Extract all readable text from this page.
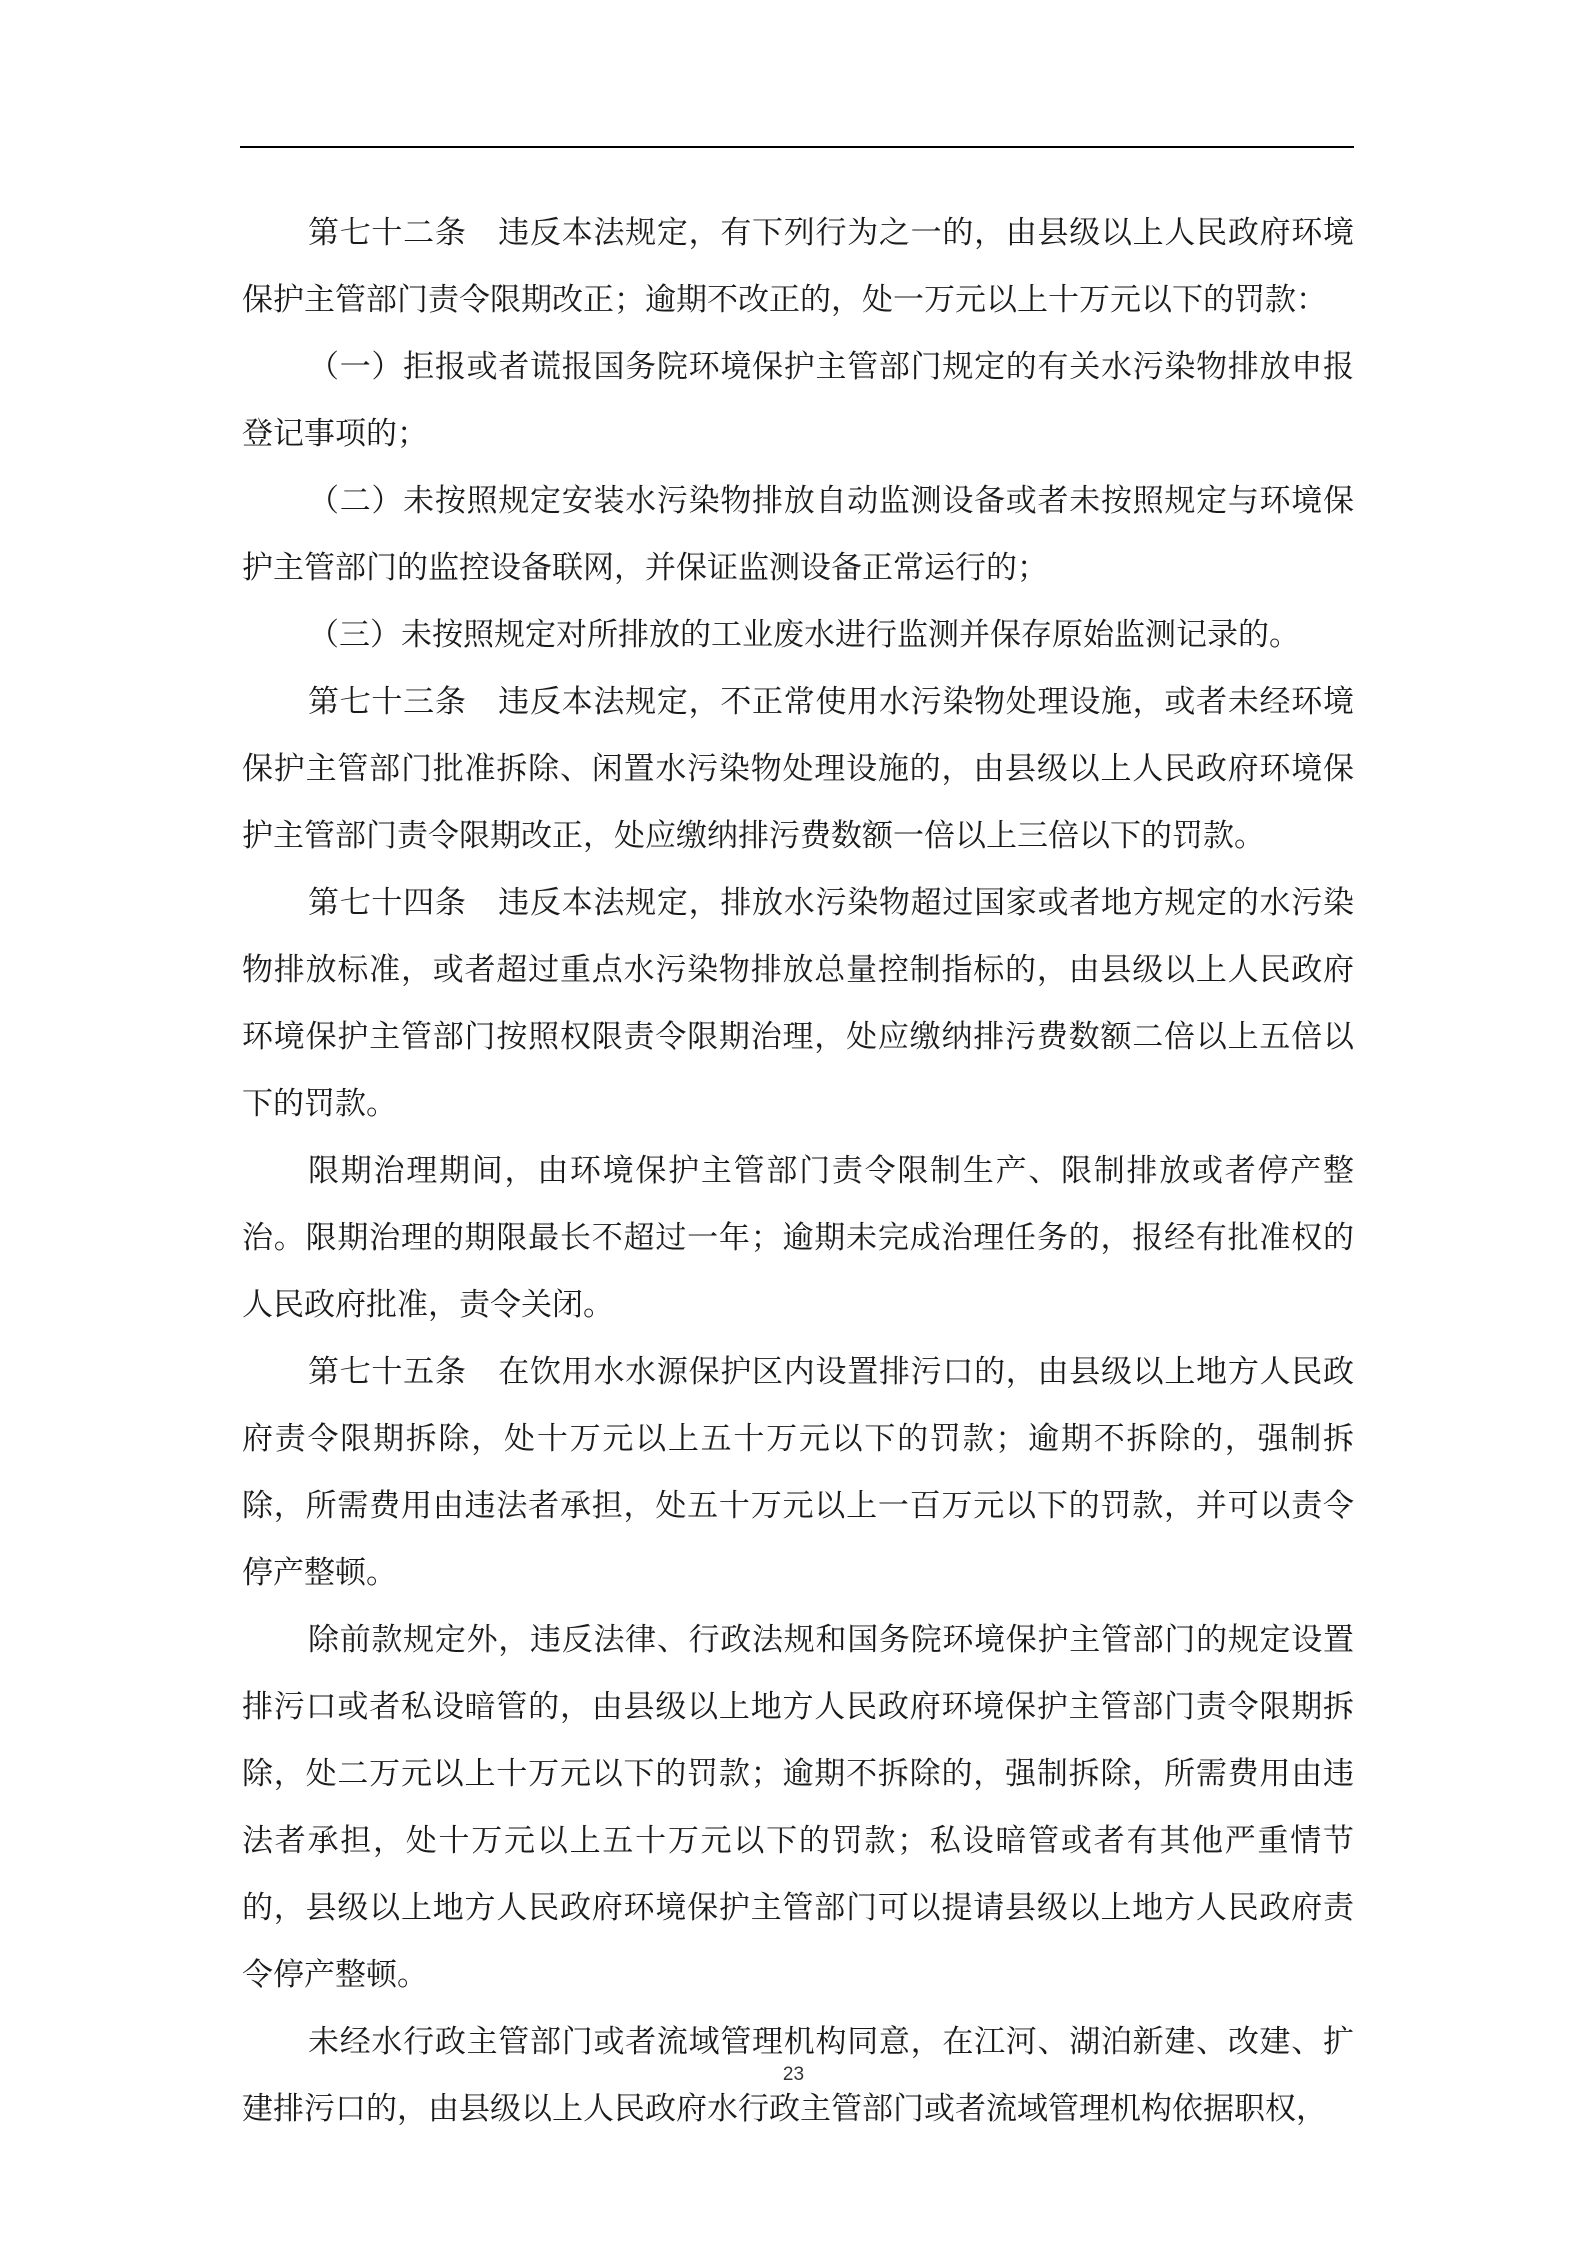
第七十二条　违反本法规定，有下列行为之一的，由县级以上人民政府环境保护主管部门责令限期改正；逾期不改正的，处一万元以上十万元以下的罚款：

（一）拒报或者谎报国务院环境保护主管部门规定的有关水污染物排放申报登记事项的；

（二）未按照规定安装水污染物排放自动监测设备或者未按照规定与环境保护主管部门的监控设备联网，并保证监测设备正常运行的；

（三）未按照规定对所排放的工业废水进行监测并保存原始监测记录的。

第七十三条　违反本法规定，不正常使用水污染物处理设施，或者未经环境保护主管部门批准拆除、闲置水污染物处理设施的，由县级以上人民政府环境保护主管部门责令限期改正，处应缴纳排污费数额一倍以上三倍以下的罚款。

第七十四条　违反本法规定，排放水污染物超过国家或者地方规定的水污染物排放标准，或者超过重点水污染物排放总量控制指标的，由县级以上人民政府环境保护主管部门按照权限责令限期治理，处应缴纳排污费数额二倍以上五倍以下的罚款。

限期治理期间，由环境保护主管部门责令限制生产、限制排放或者停产整治。限期治理的期限最长不超过一年；逾期未完成治理任务的，报经有批准权的人民政府批准，责令关闭。

第七十五条　在饮用水水源保护区内设置排污口的，由县级以上地方人民政府责令限期拆除，处十万元以上五十万元以下的罚款；逾期不拆除的，强制拆除，所需费用由违法者承担，处五十万元以上一百万元以下的罚款，并可以责令停产整顿。

除前款规定外，违反法律、行政法规和国务院环境保护主管部门的规定设置排污口或者私设暗管的，由县级以上地方人民政府环境保护主管部门责令限期拆除，处二万元以上十万元以下的罚款；逾期不拆除的，强制拆除，所需费用由违法者承担，处十万元以上五十万元以下的罚款；私设暗管或者有其他严重情节的，县级以上地方人民政府环境保护主管部门可以提请县级以上地方人民政府责令停产整顿。

未经水行政主管部门或者流域管理机构同意，在江河、湖泊新建、改建、扩建排污口的，由县级以上人民政府水行政主管部门或者流域管理机构依据职权，

23
